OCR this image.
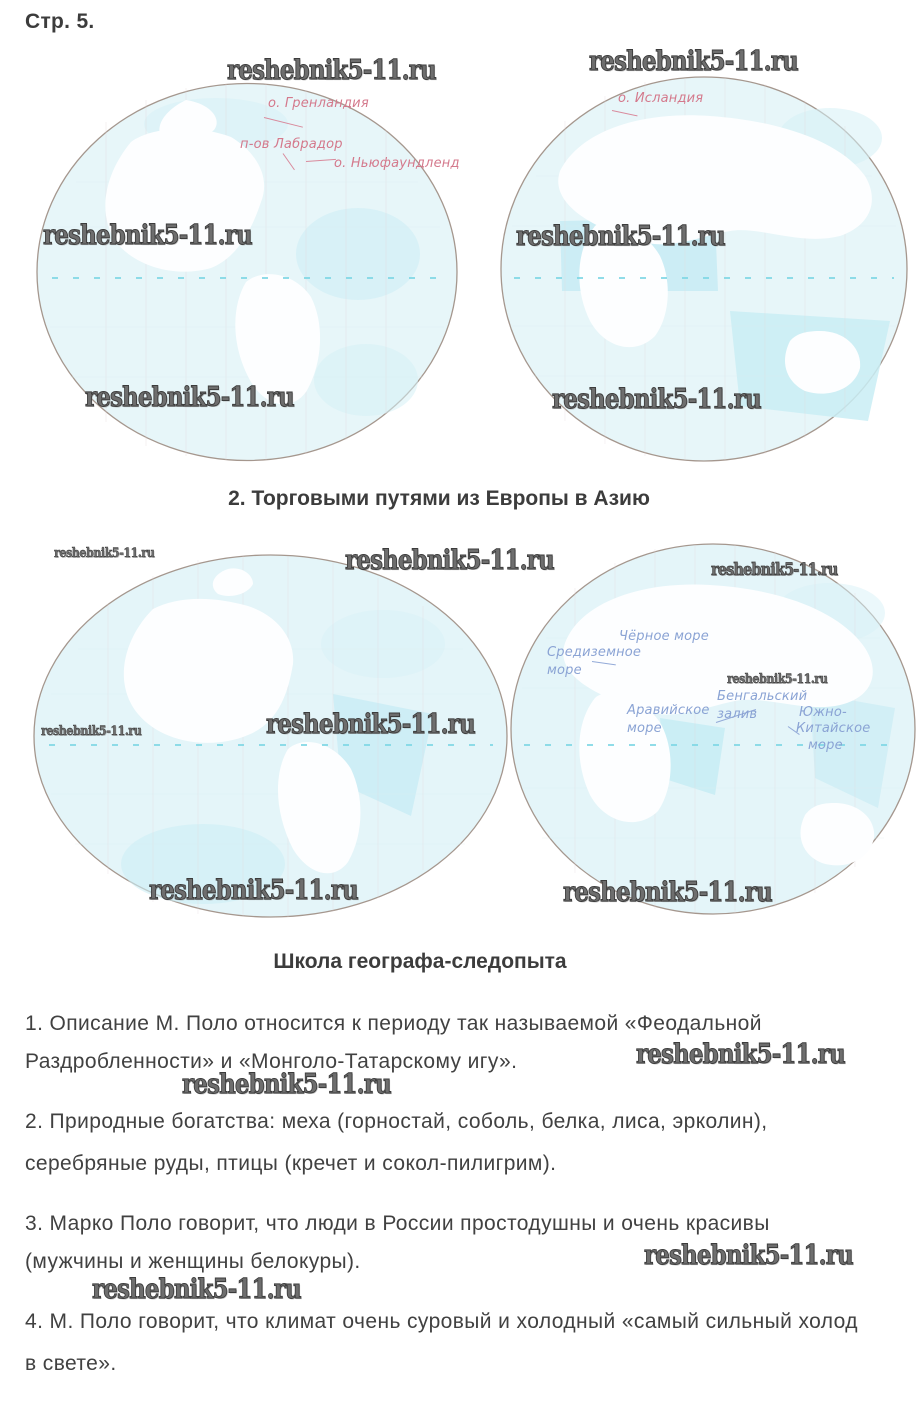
Стр. 5.
о. Гренландия
п-ов Лабрадор
о. Ньюфаундленд
о. Исландия
2. Торговыми путями из Европы в Азию
Чёрное море
Средиземное
море
Аравийское
море
Бенгальский
залив	Южно-
Китайское
море
Школа географа-следопыта
1. Описание М. Поло относится к периоду так называемой «Феодальной
Раздробленности» и «Монголо-Татарскому игу».
2. Природные богатства: меха (горностай, соболь, белка, лиса, эрколин),
серебряные руды, птицы (кречет и сокол-пилигрим).
3. Марко Поло говорит, что люди в России простодушны и очень красивы
(мужчины и женщины белокуры).
4. М. Поло говорит, что климат очень суровый и холодный «самый сильный холод
в свете».
reshebnik5-11.ru	reshebnik5-11.ru
reshebnik5-11.ru	reshebnik5-11.ru
reshebnik5-11.ru	reshebnik5-11.ru
reshebnik5-11.ru	reshebnik5-11.ru	reshebnik5-11.ru
reshebnik5-11.ru
reshebnik5-11.ru
reshebnik5-11.ru
reshebnik5-11.ru	reshebnik5-11.ru
reshebnik5-11.ru
reshebnik5-11.ru
reshebnik5-11.ru
reshebnik5-11.ru
